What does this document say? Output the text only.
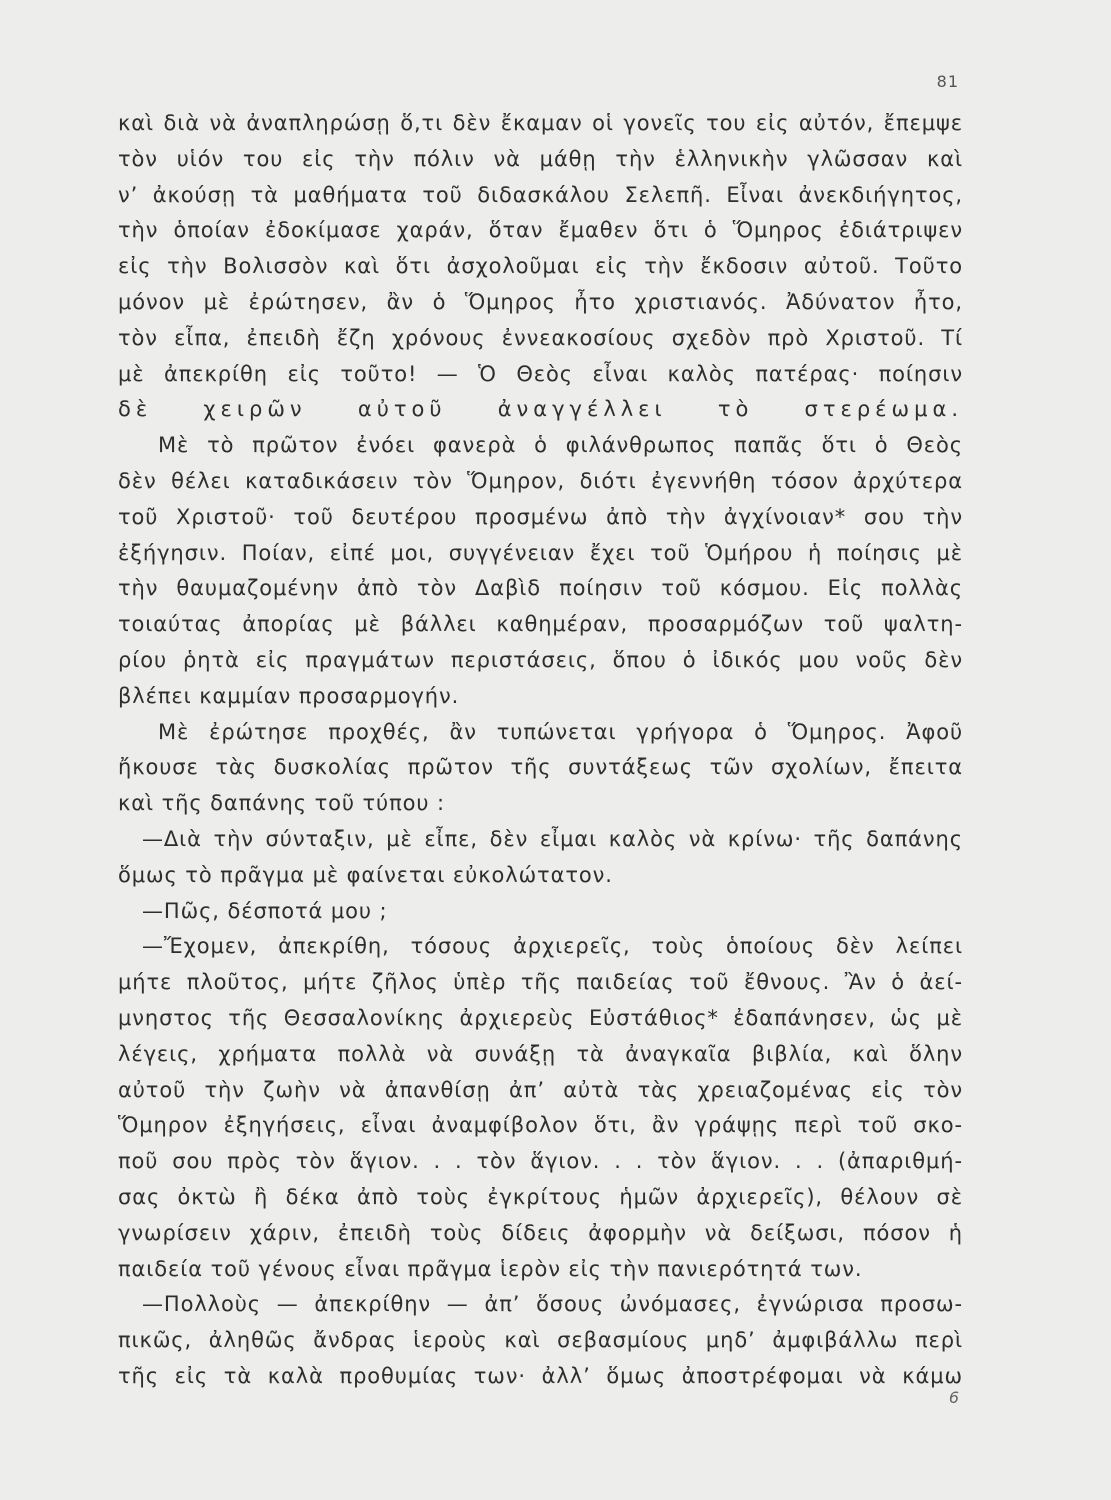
81
καὶ διὰ νὰ ἀναπληρώσῃ ὅ,τι δὲν ἔκαμαν οἱ γονεῖς του εἰς αὐτόν, ἔπεμψε
τὸν υἱόν του εἰς τὴν πόλιν νὰ μάθῃ τὴν ἑλληνικὴν γλῶσσαν καὶ
ν’ ἀκούσῃ τὰ μαθήματα τοῦ διδασκάλου Σελεπῆ. Εἶναι ἀνεκδιήγητος,
τὴν ὁποίαν ἐδοκίμασε χαράν, ὅταν ἔμαθεν ὅτι ὁ Ὅμηρος ἐδιάτριψεν
εἰς τὴν Βολισσὸν καὶ ὅτι ἀσχολοῦμαι εἰς τὴν ἔκδοσιν αὐτοῦ. Τοῦτο
μόνον μὲ ἐρώτησεν, ἂν ὁ Ὅμηρος ἦτο χριστιανός. Ἀδύνατον ἦτο,
τὸν εἶπα, ἐπειδὴ ἔζη χρόνους ἐννεακοσίους σχεδὸν πρὸ Χριστοῦ. Τί
μὲ ἀπεκρίθη εἰς τοῦτο! — Ὁ Θεὸς εἶναι καλὸς πατέρας· ποίησιν
δὲ χειρῶν αὐτοῦ ἀναγγέλλει τὸ στερέωμα.
Μὲ τὸ πρῶτον ἐνόει φανερὰ ὁ φιλάνθρωπος παπᾶς ὅτι ὁ Θεὸς
δὲν θέλει καταδικάσειν τὸν Ὅμηρον, διότι ἐγεννήθη τόσον ἀρχύτερα
τοῦ Χριστοῦ· τοῦ δευτέρου προσμένω ἀπὸ τὴν ἀγχίνοιαν* σου τὴν
ἐξήγησιν. Ποίαν, εἰπέ μοι, συγγένειαν ἔχει τοῦ Ὁμήρου ἡ ποίησις μὲ
τὴν θαυμαζομένην ἀπὸ τὸν Δαβὶδ ποίησιν τοῦ κόσμου. Εἰς πολλὰς
τοιαύτας ἀπορίας μὲ βάλλει καθημέραν, προσαρμόζων τοῦ ψαλτη-
ρίου ῥητὰ εἰς πραγμάτων περιστάσεις, ὅπου ὁ ἰδικός μου νοῦς δὲν
βλέπει καμμίαν προσαρμογήν.
Μὲ ἐρώτησε προχθές, ἂν τυπώνεται γρήγορα ὁ Ὅμηρος. Ἀφοῦ
ἤκουσε τὰς δυσκολίας πρῶτον τῆς συντάξεως τῶν σχολίων, ἔπειτα
καὶ τῆς δαπάνης τοῦ τύπου :
—Διὰ τὴν σύνταξιν, μὲ εἶπε, δὲν εἶμαι καλὸς νὰ κρίνω· τῆς δαπάνης
ὅμως τὸ πρᾶγμα μὲ φαίνεται εὐκολώτατον.
—Πῶς, δέσποτά μου ;
—Ἔχομεν, ἀπεκρίθη, τόσους ἀρχιερεῖς, τοὺς ὁποίους δὲν λείπει
μήτε πλοῦτος, μήτε ζῆλος ὑπὲρ τῆς παιδείας τοῦ ἔθνους. Ἂν ὁ ἀεί-
μνηστος τῆς Θεσσαλονίκης ἀρχιερεὺς Εὐστάθιος* ἐδαπάνησεν, ὡς μὲ
λέγεις, χρήματα πολλὰ νὰ συνάξῃ τὰ ἀναγκαῖα βιβλία, καὶ ὅλην
αὐτοῦ τὴν ζωὴν νὰ ἀπανθίσῃ ἀπ’ αὐτὰ τὰς χρειαζομένας εἰς τὸν
Ὅμηρον ἐξηγήσεις, εἶναι ἀναμφίβολον ὅτι, ἂν γράψῃς περὶ τοῦ σκο-
ποῦ σου πρὸς τὸν ἅγιον. . . τὸν ἅγιον. . . τὸν ἅγιον. . . (ἀπαριθμή-
σας ὀκτὼ ἢ δέκα ἀπὸ τοὺς ἐγκρίτους ἡμῶν ἀρχιερεῖς), θέλουν σὲ
γνωρίσειν χάριν, ἐπειδὴ τοὺς δίδεις ἀφορμὴν νὰ δείξωσι, πόσον ἡ
παιδεία τοῦ γένους εἶναι πρᾶγμα ἱερὸν εἰς τὴν πανιερότητά των.
—Πολλοὺς — ἀπεκρίθην — ἀπ’ ὅσους ὠνόμασες, ἐγνώρισα προσω-
πικῶς, ἀληθῶς ἄνδρας ἱεροὺς καὶ σεβασμίους μηδ’ ἀμφιβάλλω περὶ
τῆς εἰς τὰ καλὰ προθυμίας των· ἀλλ’ ὅμως ἀποστρέφομαι νὰ κάμω
6
